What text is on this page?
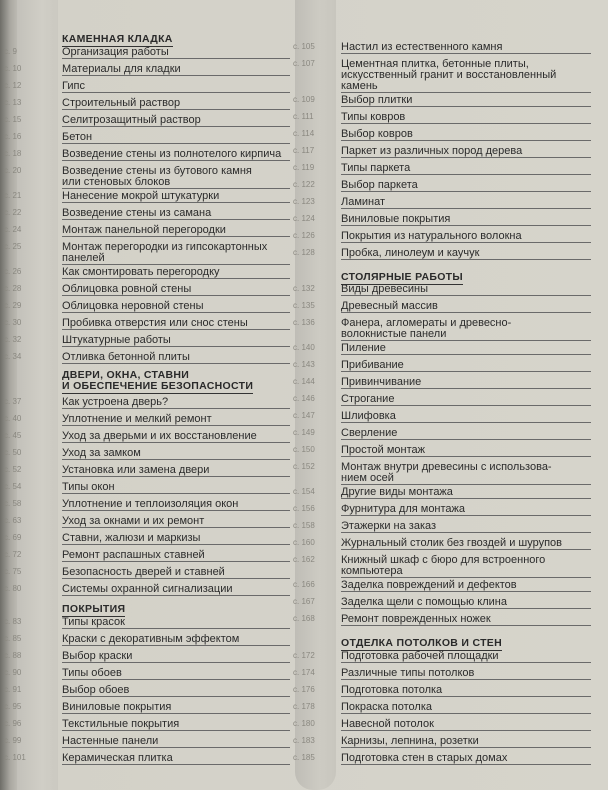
КАМЕННАЯ КЛАДКА
с. 9	Организация работы
с. 10	Материалы для кладки
с. 12	Гипс
с. 13	Строительный раствор
с. 15	Селитрозащитный раствор
с. 16	Бетон
с. 18	Возведение стены из полнотелого кирпича
с. 20	Возведение стены из бутового камня
или стеновых блоков
с. 21	Нанесение мокрой штукатурки
с. 22	Возведение стены из самана
с. 24	Монтаж панельной перегородки
с. 25	Монтаж перегородки из гипсокартонных
панелей
с. 26	Как смонтировать перегородку
с. 28	Облицовка ровной стены
с. 29	Облицовка неровной стены
с. 30	Пробивка отверстия или снос стены
с. 32	Штукатурные работы
с. 34	Отливка бетонной плиты
ДВЕРИ, ОКНА, СТАВНИ
И ОБЕСПЕЧЕНИЕ БЕЗОПАСНОСТИ
с. 37	Как устроена дверь?
с. 40	Уплотнение и мелкий ремонт
с. 45	Уход за дверьми и их восстановление
с. 50	Уход за замком
с. 52	Установка или замена двери
с. 54	Типы окон
с. 58	Уплотнение и теплоизоляция окон
с. 63	Уход за окнами и их ремонт
с. 69	Ставни, жалюзи и маркизы
с. 72	Ремонт распашных ставней
с. 75	Безопасность дверей и ставней
с. 80	Системы охранной сигнализации
ПОКРЫТИЯ
с. 83	Типы красок
с. 85	Краски с декоративным эффектом
с. 88	Выбор краски
с. 90	Типы обоев
с. 91	Выбор обоев
с. 95	Виниловые покрытия
с. 96	Текстильные покрытия
с. 99	Настенные панели
с. 101	Керамическая плитка
с. 105	Настил из естественного камня
с. 107	Цементная плитка, бетонные плиты,
искусственный гранит и восстановленный
камень
с. 109	Выбор плитки
с. 111	Типы ковров
с. 114	Выбор ковров
с. 117	Паркет из различных пород дерева
с. 119	Типы паркета
с. 122	Выбор паркета
с. 123	Ламинат
с. 124	Виниловые покрытия
с. 126	Покрытия из натурального волокна
с. 128	Пробка, линолеум и каучук
СТОЛЯРНЫЕ РАБОТЫ
с. 132	Виды древесины
с. 135	Древесный массив
с. 136	Фанера, агломераты и древесно-
волокнистые панели
с. 140	Пиление
с. 143	Прибивание
с. 144	Привинчивание
с. 146	Строгание
с. 147	Шлифовка
с. 149	Сверление
с. 150	Простой монтаж
с. 152	Монтаж внутри древесины с использова-
нием осей
с. 154	Другие виды монтажа
с. 156	Фурнитура для монтажа
с. 158	Этажерки на заказ
с. 160	Журнальный столик без гвоздей и шурупов
с. 162	Книжный шкаф с бюро для встроенного
компьютера
с. 166	Заделка повреждений и дефектов
с. 167	Заделка щели с помощью клина
с. 168	Ремонт поврежденных ножек
ОТДЕЛКА ПОТОЛКОВ И СТЕН
с. 172	Подготовка рабочей площадки
с. 174	Различные типы потолков
с. 176	Подготовка потолка
с. 178	Покраска потолка
с. 180	Навесной потолок
с. 183	Карнизы, лепнина, розетки
с. 185	Подготовка стен в старых домах
